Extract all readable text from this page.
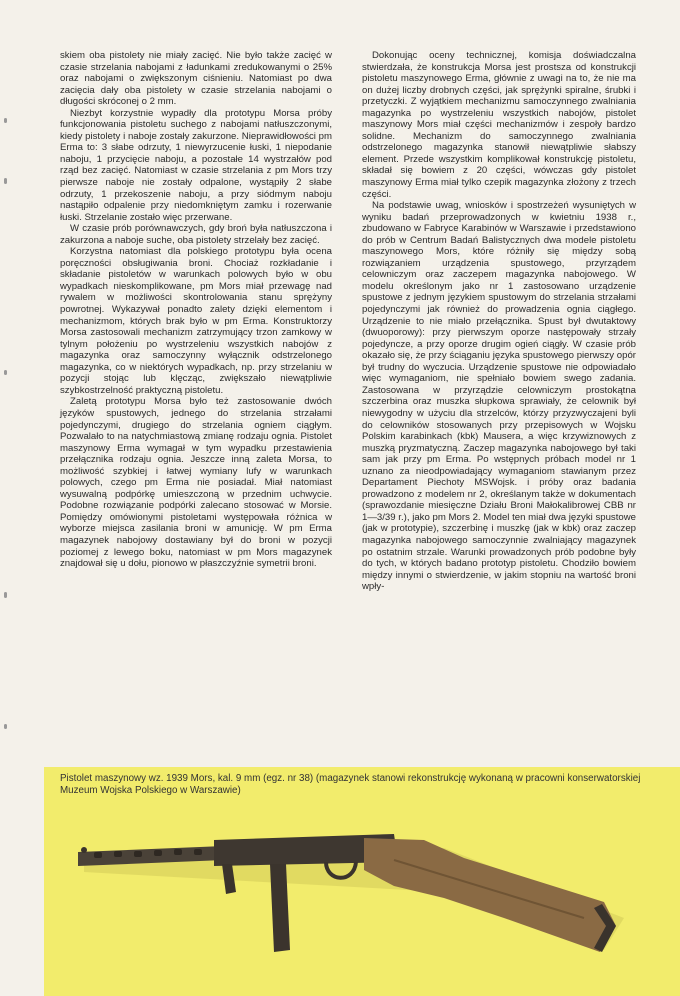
skiem oba pistolety nie miały zacięć. Nie było także zacięć w czasie strzelania nabojami z ładunkami zredukowanymi o 25% oraz nabojami o zwiększonym ciśnieniu. Natomiast po dwa zacięcia dały oba pistolety w czasie strzelania nabojami o długości skróconej o 2 mm.

Niezbyt korzystnie wypadły dla prototypu Morsa próby funkcjonowania pistoletu suchego z nabojami natłuszczonymi, kiedy pistolety i naboje zostały zakurzone. Nieprawidłowości pm Erma to: 3 słabe odrzuty, 1 niewyrzucenie łuski, 1 niepodanie naboju, 1 przycięcie naboju, a pozostałe 14 wystrzałów pod rząd bez zacięć. Natomiast w czasie strzelania z pm Mors trzy pierwsze naboje nie zostały odpalone, wystąpiły 2 słabe odrzuty, 1 przekoszenie naboju, a przy siódmym naboju nastąpiło odpalenie przy niedomkniętym zamku i rozerwanie łuski. Strzelanie zostało więc przerwane.

W czasie prób porównawczych, gdy broń była natłuszczona i zakurzona a naboje suche, oba pistolety strzelały bez zacięć.

Korzystna natomiast dla polskiego prototypu była ocena poręczności obsługiwania broni. Chociaż rozkładanie i składanie pistoletów w warunkach polowych było w obu wypadkach nieskomplikowane, pm Mors miał przewagę nad rywalem w możliwości skontrolowania stanu sprężyny powrotnej. Wykazywał ponadto zalety dzięki elementom i mechanizmom, których brak było w pm Erma. Konstruktorzy Morsa zastosowali mechanizm zatrzymujący trzon zamkowy w tylnym położeniu po wystrzeleniu wszystkich nabojów z magazynka oraz samoczynny wyłącznik odstrzelonego magazynka, co w niektórych wypadkach, np. przy strzelaniu w pozycji stojąc lub klęcząc, zwiększało niewątpliwie szybkostrzelność praktyczną pistoletu.

Zaletą prototypu Morsa było też zastosowanie dwóch języków spustowych, jednego do strzelania strzałami pojedynczymi, drugiego do strzelania ogniem ciągłym. Pozwalało to na natychmiastową zmianę rodzaju ognia. Pistolet maszynowy Erma wymagał w tym wypadku przestawienia przełącznika rodzaju ognia. Jeszcze inną zaleta Morsa, to możliwość szybkiej i łatwej wymiany lufy w warunkach polowych, czego pm Erma nie posiadał. Miał natomiast wysuwalną podpórkę umieszczoną w przednim uchwycie. Podobne rozwiązanie podpórki zalecano stosować w Morsie. Pomiędzy omówionymi pistoletami występowała różnica w wyborze miejsca zasilania broni w amunicję. W pm Erma magazynek nabojowy dostawiany był do broni w pozycji poziomej z lewego boku, natomiast w pm Mors magazynek znajdował się u dołu, pionowo w płaszczyźnie symetrii broni.

Dokonując oceny technicznej, komisja doświadczalna stwierdzała, że konstrukcja Morsa jest prostsza od konstrukcji pistoletu maszynowego Erma, głównie z uwagi na to, że nie ma on dużej liczby drobnych części, jak sprężynki spiralne, śrubki i przetyczki. Z wyjątkiem mechanizmu samoczynnego zwalniania magazynka po wystrzeleniu wszystkich nabojów, pistolet maszynowy Mors miał części mechanizmów i zespoły bardzo solidne. Mechanizm do samoczynnego zwalniania odstrzelonego magazynka stanowił niewątpliwie słabszy element. Przede wszystkim komplikował konstrukcję pistoletu, składał się bowiem z 20 części, wówczas gdy pistolet maszynowy Erma miał tylko czepik magazynka złożony z trzech części.

Na podstawie uwag, wniosków i spostrzeżeń wysuniętych w wyniku badań przeprowadzonych w kwietniu 1938 r., zbudowano w Fabryce Karabinów w Warszawie i przedstawiono do prób w Centrum Badań Balistycznych dwa modele pistoletu maszynowego Mors, które różniły się między sobą rozwiązaniem urządzenia spustowego, przyrządem celowniczym oraz zaczepem magazynka nabojowego. W modelu określonym jako nr 1 zastosowano urządzenie spustowe z jednym językiem spustowym do strzelania strzałami pojedynczymi jak również do prowadzenia ognia ciągłego. Urządzenie to nie miało przełącznika. Spust był dwutaktowy (dwuoporowy): przy pierwszym oporze następowały strzały pojedyncze, a przy oporze drugim ogień ciągły. W czasie prób okazało się, że przy ściąganiu języka spustowego pierwszy opór był trudny do wyczucia. Urządzenie spustowe nie odpowiadało więc wymaganiom, nie spełniało bowiem swego zadania. Zastosowana w przyrządzie celowniczym prostokątna szczerbina oraz muszka słupkowa sprawiały, że celownik był niewygodny w użyciu dla strzelców, którzy przyzwyczajeni byli do celowników stosowanych przy przepisowych w Wojsku Polskim karabinkach (kbk) Mausera, a więc krzywiznowych z muszką pryzmatyczną. Zaczep magazynka nabojowego był taki sam jak przy pm Erma. Po wstępnych próbach model nr 1 uznano za nieodpowiadający wymaganiom stawianym przez Departament Piechoty MSWojsk. i próby oraz badania prowadzono z modelem nr 2, określanym także w dokumentach (sprawozdanie miesięczne Działu Broni Małokalibrowej CBB nr 1—3/39 r.), jako pm Mors 2. Model ten miał dwa języki spustowe (jak w prototypie), szczerbinę i muszkę (jak w kbk) oraz zaczep magazynka nabojowego samoczynnie zwalniający magazynek po ostatnim strzale. Warunki prowadzonych prób podobne były do tych, w których badano prototyp pistoletu. Chodziło bowiem między innymi o stwierdzenie, w jakim stopniu na wartość broni wpły-

Pistolet maszynowy wz. 1939 Mors, kal. 9 mm (egz. nr 38) (magazynek stanowi rekonstrukcję wykonaną w pracowni konserwatorskiej Muzeum Wojska Polskiego w Warszawie)
